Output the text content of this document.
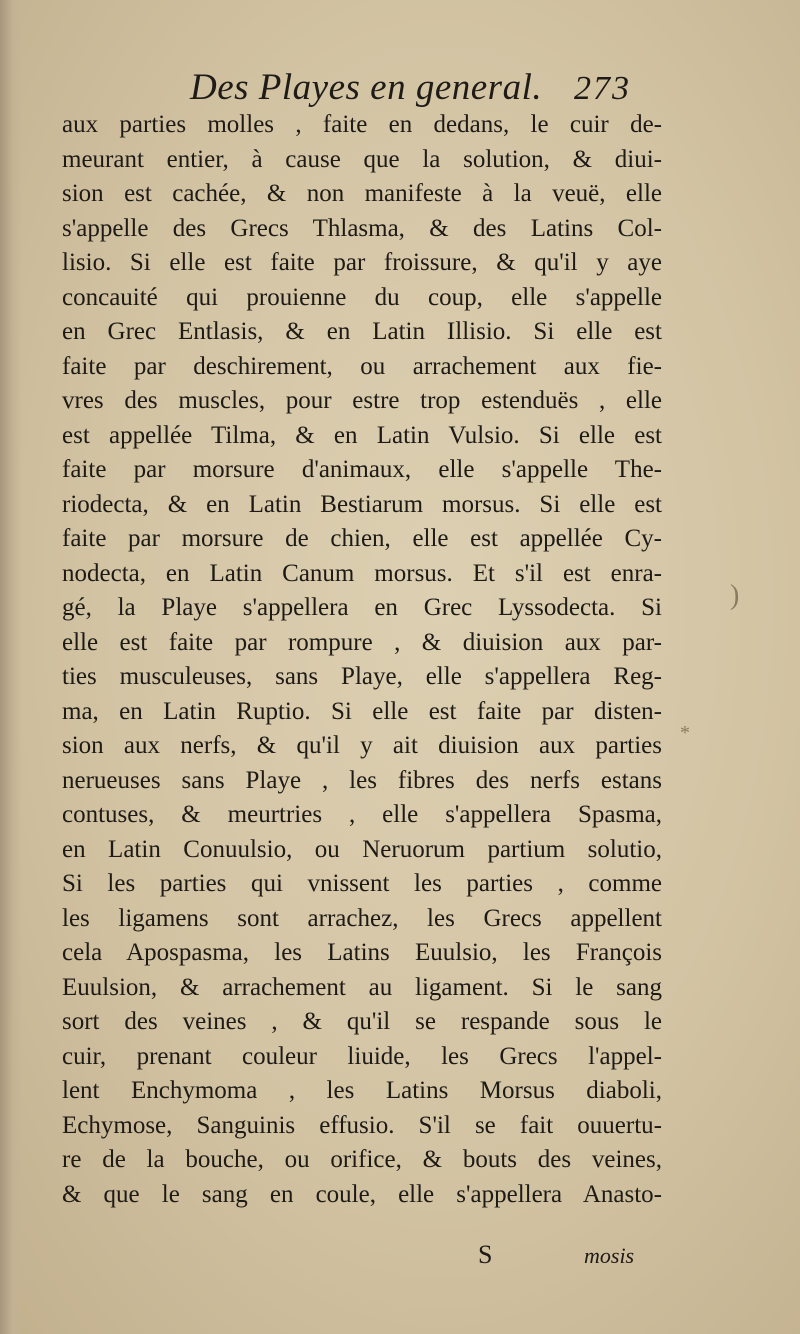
Des Playes en general. 273
aux parties molles , faite en dedans, le cuir de-
meurant entier, à cause que la solution, & diui-
sion est cachée, & non manifeste à la veuë, elle
s'appelle des Grecs Thlasma, & des Latins Col-
lisio. Si elle est faite par froissure, & qu'il y aye
concauité qui prouienne du coup, elle s'appelle
en Grec Entlasis, & en Latin Illisio. Si elle est
faite par deschirement, ou arrachement aux fie-
vres des muscles, pour estre trop estenduës , elle
est appellée Tilma, & en Latin Vulsio. Si elle est
faite par morsure d'animaux, elle s'appelle The-
riodecta, & en Latin Bestiarum morsus. Si elle est
faite par morsure de chien, elle est appellée Cy-
nodecta, en Latin Canum morsus. Et s'il est enra-
gé, la Playe s'appellera en Grec Lyssodecta. Si
elle est faite par rompure , & diuision aux par-
ties musculeuses, sans Playe, elle s'appellera Reg-
ma, en Latin Ruptio. Si elle est faite par disten-
sion aux nerfs, & qu'il y ait diuision aux parties
nerueuses sans Playe , les fibres des nerfs estans
contuses, & meurtries , elle s'appellera Spasma,
en Latin Conuulsio, ou Neruorum partium solutio,
Si les parties qui vnissent les parties , comme
les ligamens sont arrachez, les Grecs appellent
cela Apospasma, les Latins Euulsio, les François
Euulsion, & arrachement au ligament. Si le sang
sort des veines , & qu'il se respande sous le
cuir, prenant couleur liuide, les Grecs l'appel-
lent Enchymoma , les Latins Morsus diaboli,
Echymose, Sanguinis effusio. S'il se fait ouuertu-
re de la bouche, ou orifice, & bouts des veines,
& que le sang en coule, elle s'appellera Anasto-
S	mosis
)
*
